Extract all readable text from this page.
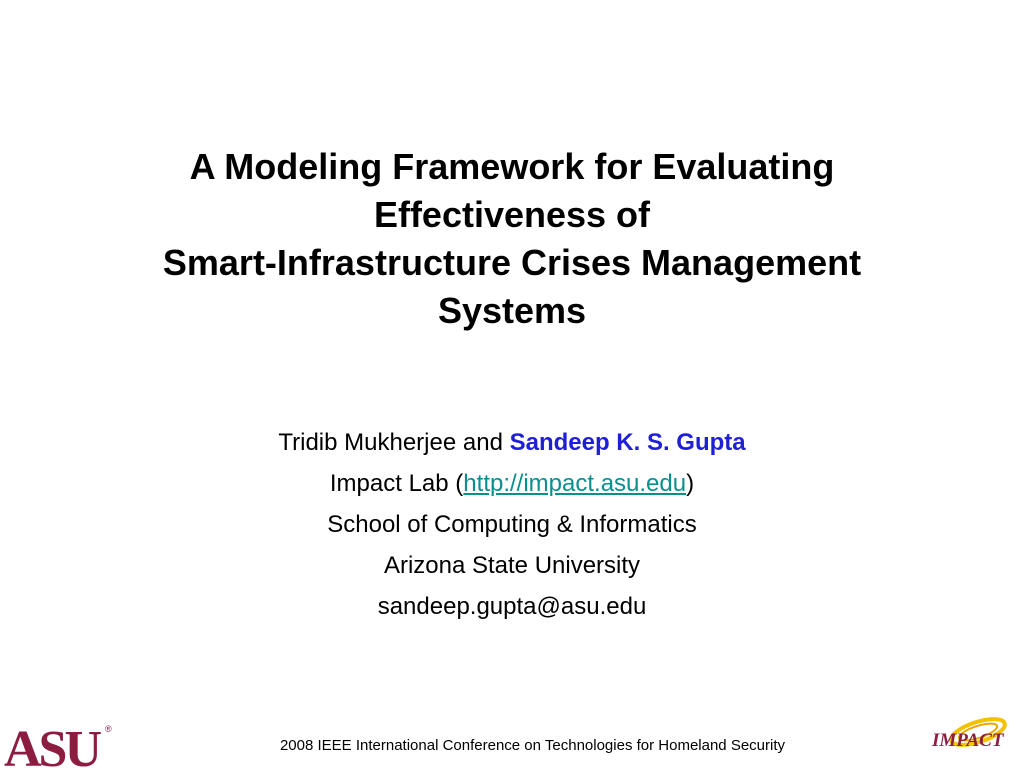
A Modeling Framework for Evaluating
Effectiveness of
Smart-Infrastructure Crises Management
Systems
Tridib Mukherjee and Sandeep K. S. Gupta
Impact Lab (http://impact.asu.edu)
School of Computing & Informatics
Arizona State University
sandeep.gupta@asu.edu
2008 IEEE International Conference on Technologies for Homeland Security
ASU ®
IMPACT
